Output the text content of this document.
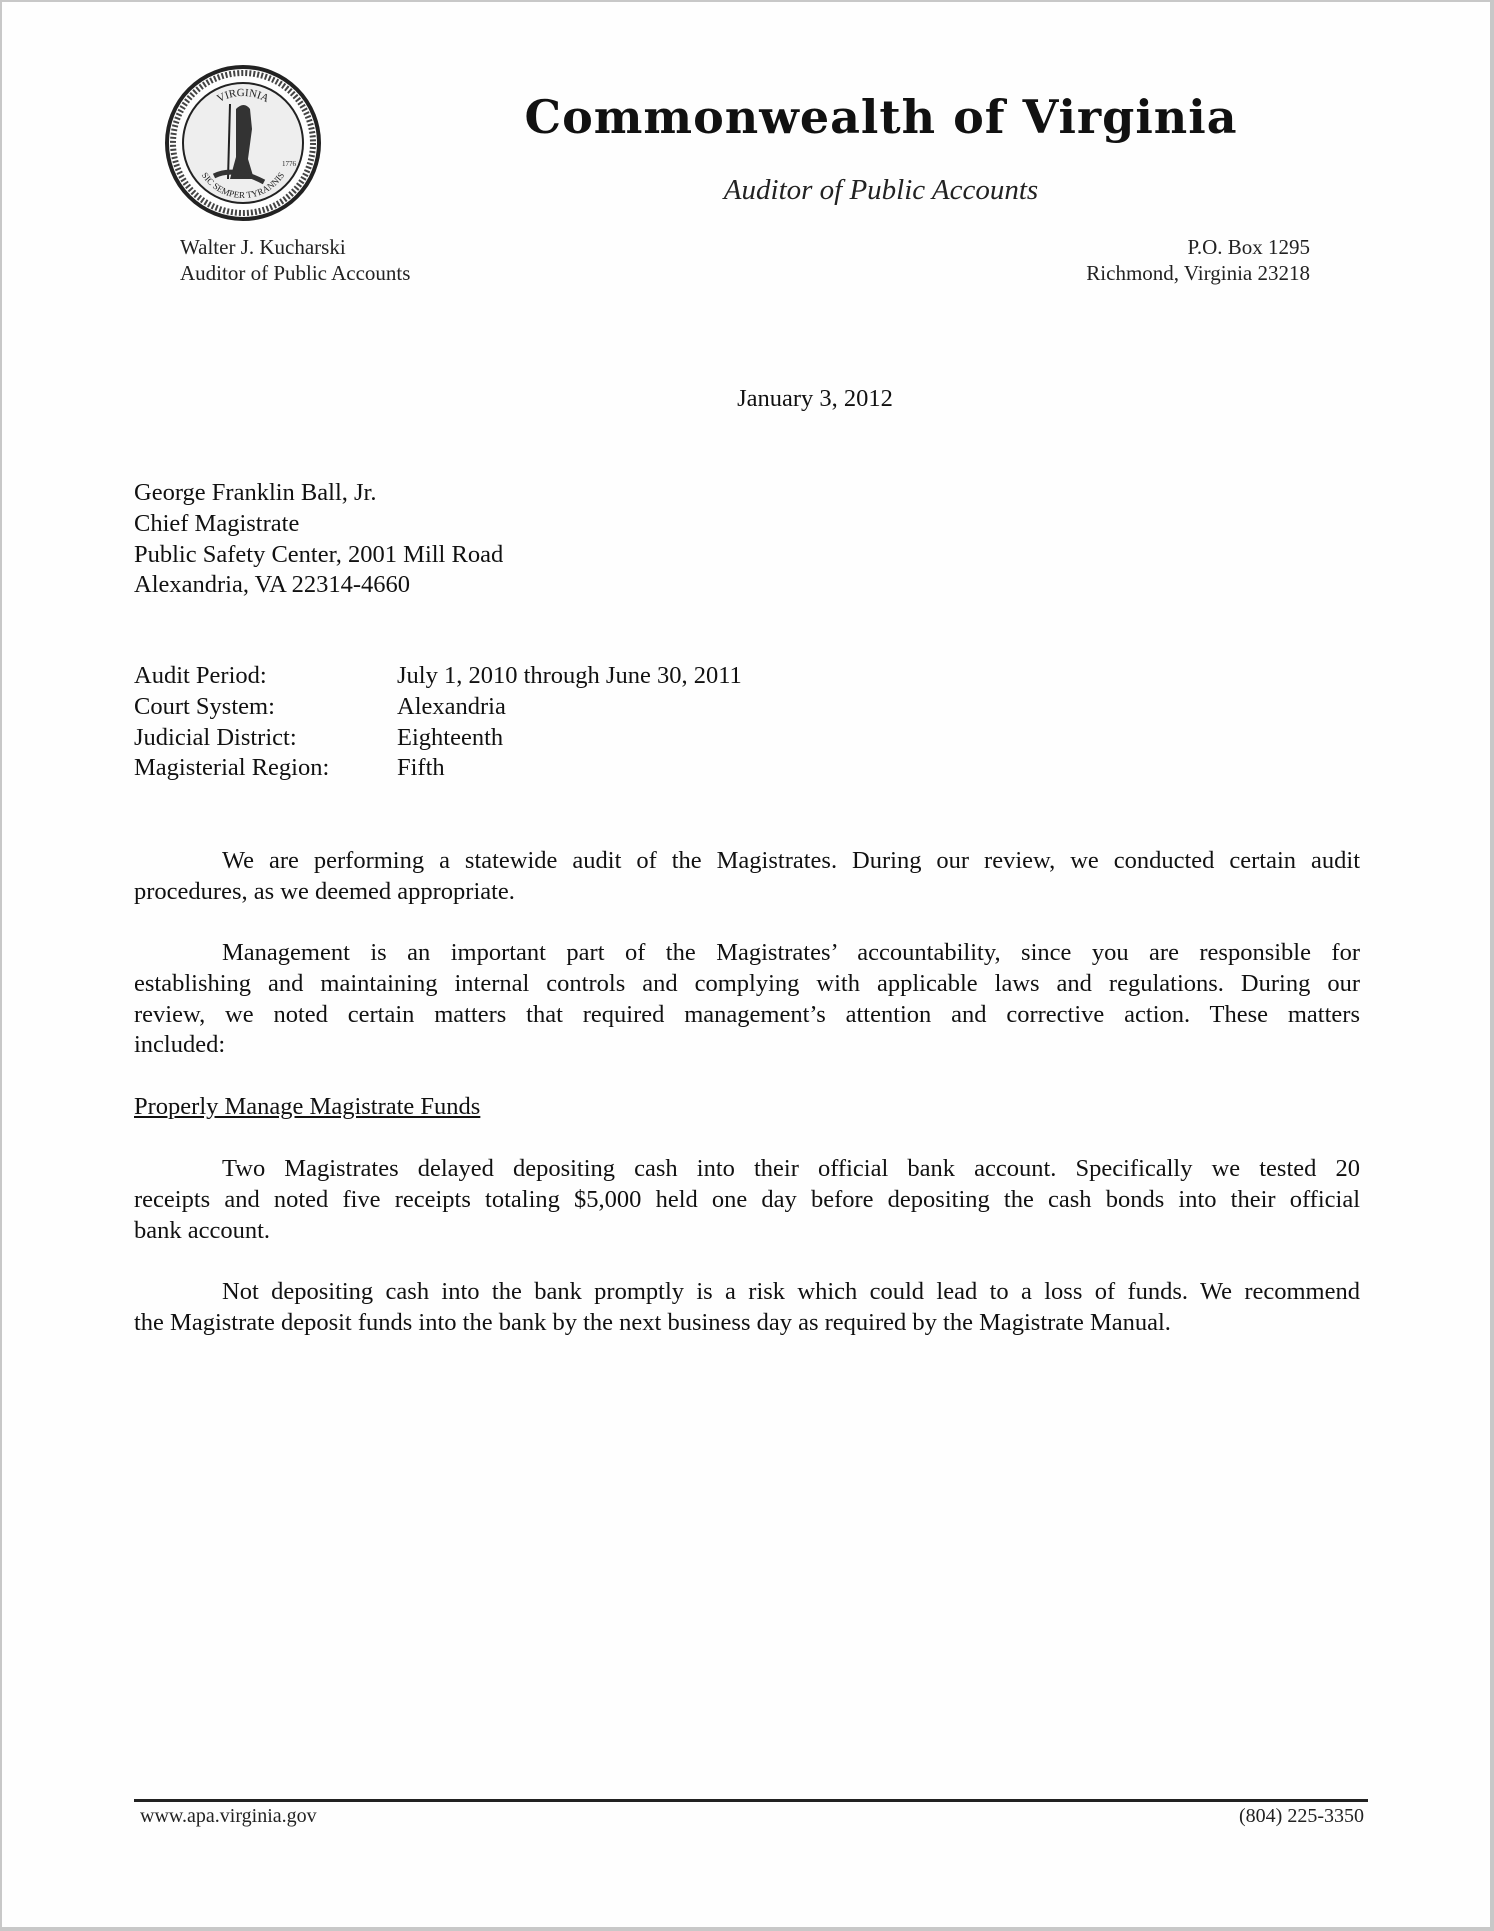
VIRGINIA
SIC SEMPER TYRANNIS
1776
Commonwealth of Virginia
Auditor of Public Accounts
Walter J. Kucharski
Auditor of Public Accounts
P.O. Box 1295
Richmond, Virginia 23218
January 3, 2012
George Franklin Ball, Jr.
Chief Magistrate
Public Safety Center, 2001 Mill Road
Alexandria, VA 22314-4660
Audit Period:	July 1, 2010 through June 30, 2011
Court System:	Alexandria
Judicial District:	Eighteenth
Magisterial Region:	Fifth
We are performing a statewide audit of the Magistrates. During our review, we conducted certain audit
procedures, as we deemed appropriate.
Management is an important part of the Magistrates’ accountability, since you are responsible for
establishing and maintaining internal controls and complying with applicable laws and regulations. During our
review, we noted certain matters that required management’s attention and corrective action. These matters
included:
Properly Manage Magistrate Funds
Two Magistrates delayed depositing cash into their official bank account. Specifically we tested 20
receipts and noted five receipts totaling $5,000 held one day before depositing the cash bonds into their official
bank account.
Not depositing cash into the bank promptly is a risk which could lead to a loss of funds. We recommend
the Magistrate deposit funds into the bank by the next business day as required by the Magistrate Manual.
www.apa.virginia.gov	(804) 225-3350
